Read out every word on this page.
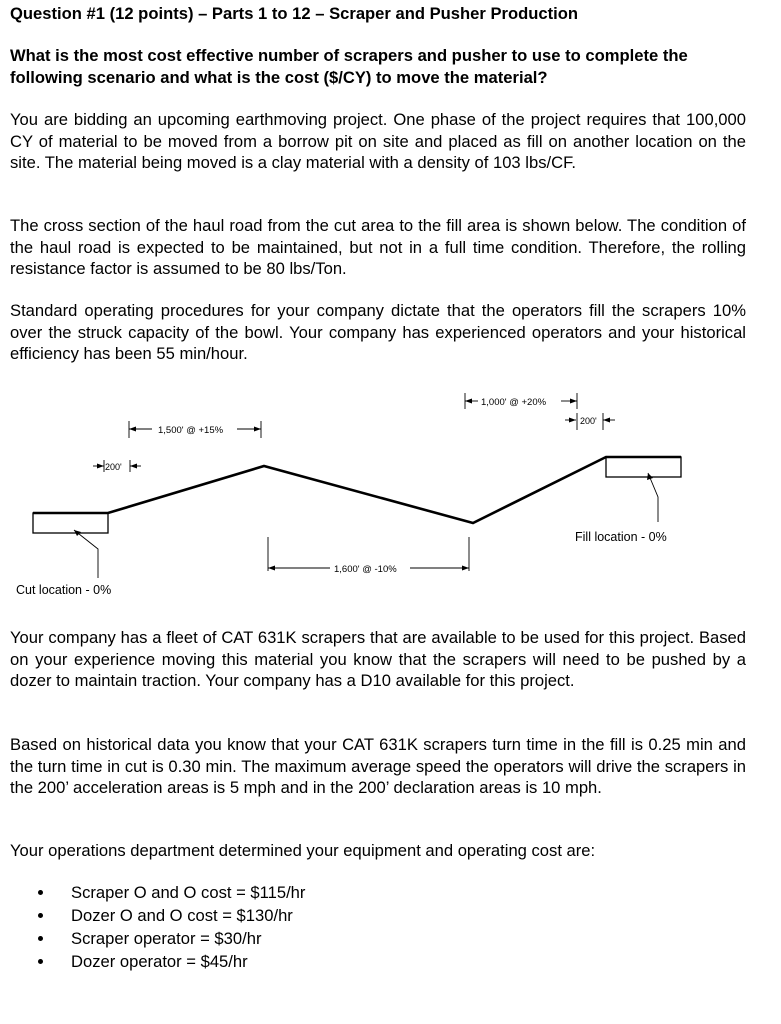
Question #1 (12 points) – Parts 1 to 12 – Scraper and Pusher Production

What is the most cost effective number of scrapers and pusher to use to complete the following scenario and what is the cost ($/CY) to move the material?

You are bidding an upcoming earthmoving project. One phase of the project requires that 100,000 CY of material to be moved from a borrow pit on site and placed as fill on another location on the site. The material being moved is a clay material with a density of 103 lbs/CF.

The cross section of the haul road from the cut area to the fill area is shown below. The condition of the haul road is expected to be maintained, but not in a full time condition. Therefore, the rolling resistance factor is assumed to be 80 lbs/Ton.

Standard operating procedures for your company dictate that the operators fill the scrapers 10% over the struck capacity of the bowl. Your company has experienced operators and your historical efficiency has been 55 min/hour.

Cut location - 0%
Fill location - 0%
200'
1,500' @ +15%
1,600' @ -10%
1,000' @ +20%
200'

Your company has a fleet of CAT 631K scrapers that are available to be used for this project. Based on your experience moving this material you know that the scrapers will need to be pushed by a dozer to maintain traction. Your company has a D10 available for this project.

Based on historical data you know that your CAT 631K scrapers turn time in the fill is 0.25 min and the turn time in cut is 0.30 min. The maximum average speed the operators will drive the scrapers in the 200’ acceleration areas is 5 mph and in the 200’ declaration areas is 10 mph.

Your operations department determined your equipment and operating cost are:

Scraper O and O cost = $115/hr
Dozer O and O cost = $130/hr
Scraper operator = $30/hr
Dozer operator = $45/hr
